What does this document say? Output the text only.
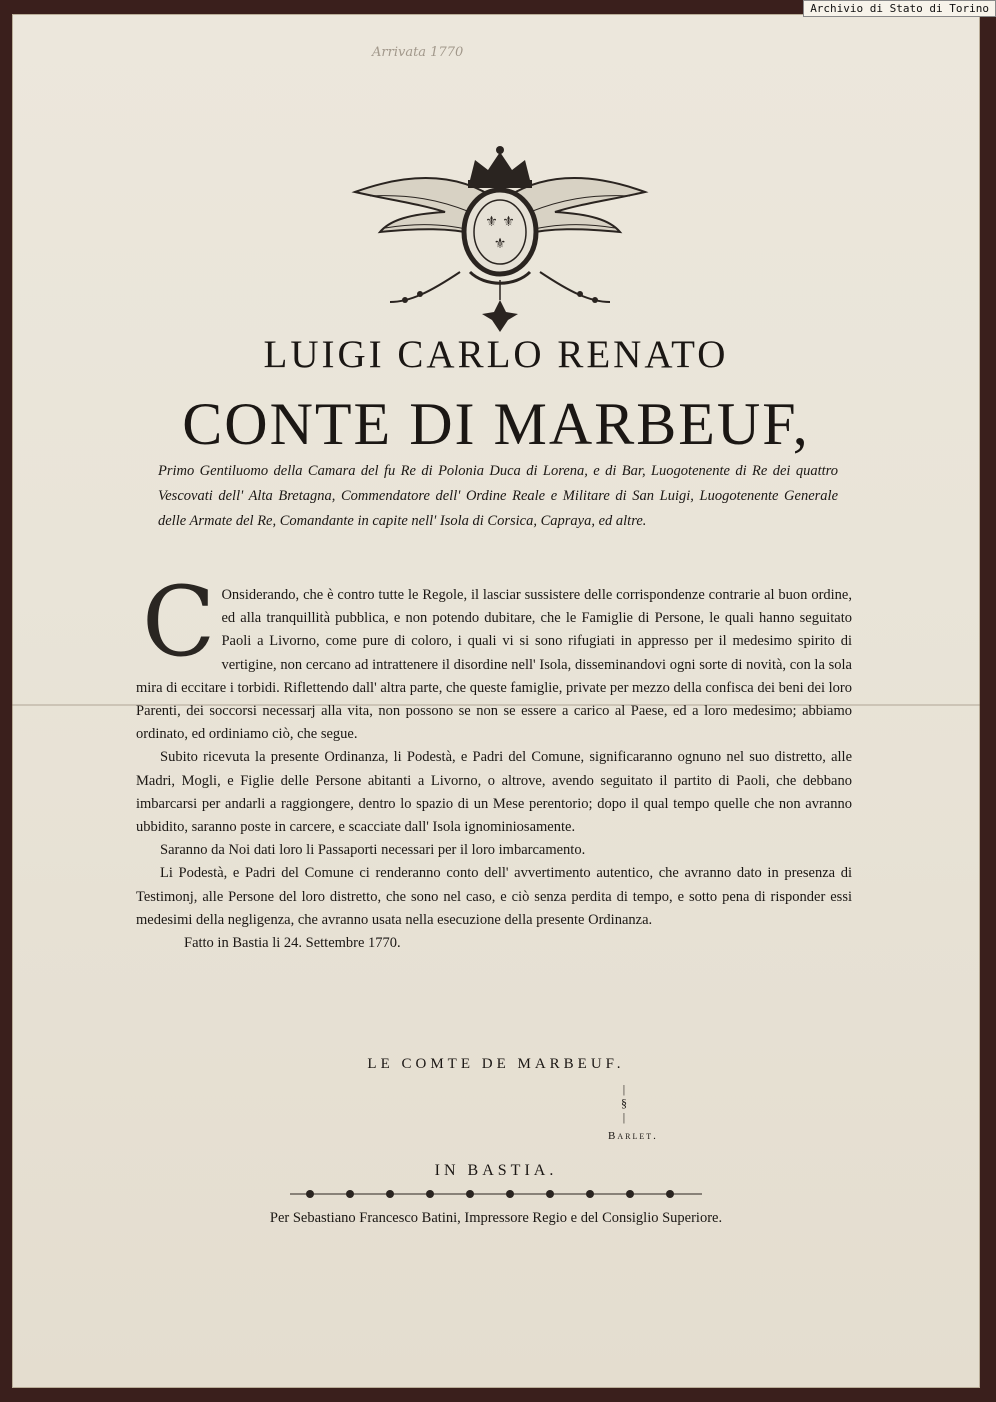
Archivio di Stato di Torino
Arrivata 1770
⚜ ⚜
⚜
LUIGI CARLO RENATO
CONTE DI MARBEUF,
Primo Gentiluomo della Camara del fu Re di Polonia Duca di Lorena, e di Bar, Luogotenente di Re dei quattro Vescovati dell' Alta Bretagna, Commendatore dell' Ordine Reale e Militare di San Luigi, Luogotenente Generale delle Armate del Re, Comandante in capite nell' Isola di Corsica, Capraya, ed altre.

C Onsiderando, che è contro tutte le Regole, il lasciar sussistere delle corrispondenze contrarie al buon ordine, ed alla tranquillità pubblica, e non potendo dubitare, che le Famiglie di Persone, le quali hanno seguitato Paoli a Livorno, come pure di coloro, i quali vi si sono rifugiati in appresso per il medesimo spirito di vertigine, non cercano ad intrattenere il disordine nell' Isola, disseminandovi ogni sorte di novità, con la sola mira di eccitare i torbidi. Riflettendo dall' altra parte, che queste famiglie, private per mezzo della confisca dei beni dei loro Parenti, dei soccorsi necessarj alla vita, non possono se non se essere a carico al Paese, ed a loro medesimo; abbiamo ordinato, ed ordiniamo ciò, che segue.

Subito ricevuta la presente Ordinanza, li Podestà, e Padri del Comune, significaranno ognuno nel suo distretto, alle Madri, Mogli, e Figlie delle Persone abitanti a Livorno, o altrove, avendo seguitato il partito di Paoli, che debbano imbarcarsi per andarli a raggiongere, dentro lo spazio di un Mese perentorio; dopo il qual tempo quelle che non avranno ubbidito, saranno poste in carcere, e scacciate dall' Isola ignominiosamente.

Saranno da Noi dati loro li Passaporti necessari per il loro imbarcamento.

Li Podestà, e Padri del Comune ci renderanno conto dell' avvertimento autentico, che avranno dato in presenza di Testimonj, alle Persone del loro distretto, che sono nel caso, e ciò senza perdita di tempo, e sotto pena di risponder essi medesimi della negligenza, che avranno usata nella esecuzione della presente Ordinanza.

Fatto in Bastia li 24. Settembre 1770.

LE COMTE DE MARBEUF.
|
§
|
Barlet.
IN BASTIA.
Per Sebastiano Francesco Batini, Impressore Regio e del Consiglio Superiore.
